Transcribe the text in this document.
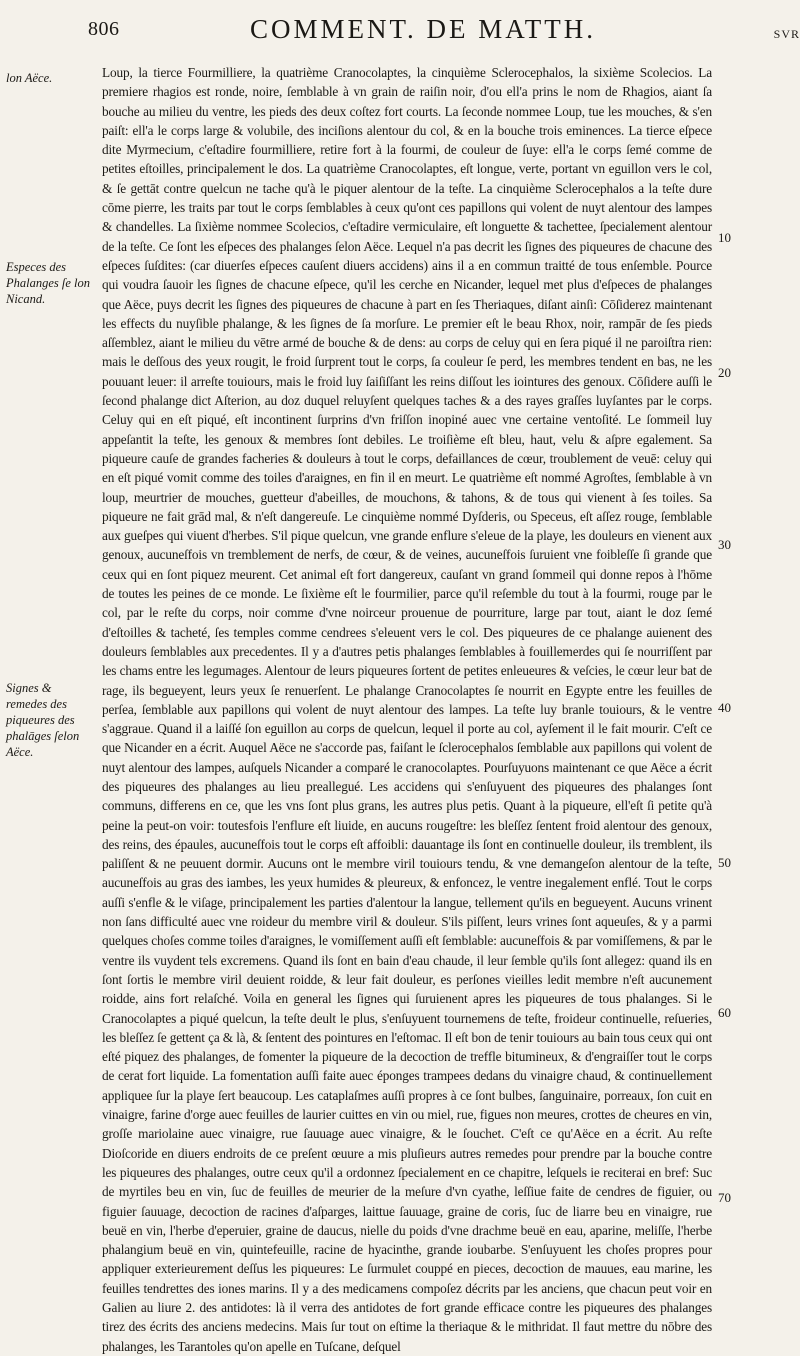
806	COMMENT. DE MATTH.	SVR
lon Aëce.
Especes des Phalanges ſe lon Nicand.
Signes & remedes des piqueures des phalāges ſelon Aëce.

Loup, la tierce Fourmilliere, la quatrième Cranocolaptes, la cinquième Sclerocephalos, la sixième Scolecios. La premiere rhagios est ronde, noire, ſemblable à vn grain de raiſin noir, d'ou ell'a prins le nom de Rhagios, aiant ſa bouche au milieu du ventre, les pieds des deux coſtez fort courts. La ſeconde nommee Loup, tue les mouches, & s'en paiſt: ell'a le corps large & volubile, des inciſions alentour du col, & en la bouche trois eminences. La tierce eſpece dite Myrmecium, c'eſtadire fourmilliere, retire fort à la fourmi, de couleur de ſuye: ell'a le corps ſemé comme de petites eſtoilles, principalement le dos. La quatrième Cranocolaptes, eſt longue, verte, portant vn eguillon vers le col, & ſe gettāt contre quelcun ne tache qu'à le piquer alentour de la teſte. La cinquième Sclerocephalos a la teſte dure cōme pierre, les traits par tout le corps ſemblables à ceux qu'ont ces papillons qui volent de nuyt alentour des lampes & chandelles. La ſixième nommee Scolecios, c'eſtadire vermiculaire, eſt longuette & tachettee, ſpecialement alentour de la teſte. Ce ſont les eſpeces des phalanges ſelon Aëce. Lequel n'a pas decrit les ſignes des piqueures de chacune des eſpeces ſuſdites: (car diuerſes eſpeces cauſent diuers accidens) ains il a en commun traitté de tous enſemble. Pource qui voudra ſauoir les ſignes de chacune eſpece, qu'il les cerche en Nicander, lequel met plus d'eſpeces de phalanges que Aëce, puys decrit les ſignes des piqueures de chacune à part en ſes Theriaques, diſant ainſi: Cōſiderez maintenant les effects du nuyſible phalange, & les ſignes de ſa morſure. Le premier eſt le beau Rhox, noir, rampār de ſes pieds aſſemblez, aiant le milieu du vētre armé de bouche & de dens: au corps de celuy qui en ſera piqué il ne paroiſtra rien: mais le deſſous des yeux rougit, le froid ſurprent tout le corps, ſa couleur ſe perd, les membres tendent en bas, ne les pouuant leuer: il arreſte touiours, mais le froid luy ſaiſiſſant les reins diſſout les iointures des genoux. Cōſidere auſſi le ſecond phalange dict Aſterion, au doz duquel reluyſent quelques taches & a des rayes graſſes luyſantes par le corps. Celuy qui en eſt piqué, eſt incontinent ſurprins d'vn friſſon inopiné auec vne certaine ventoſité. Le ſommeil luy appeſantit la teſte, les genoux & membres ſont debiles. Le troiſième eſt bleu, haut, velu & aſpre egalement. Sa piqueure cauſe de grandes facheries & douleurs à tout le corps, defaillances de cœur, troublement de veuē: celuy qui en eſt piqué vomit comme des toiles d'araignes, en fin il en meurt. Le quatrième eſt nommé Agroſtes, ſemblable à vn loup, meurtrier de mouches, guetteur d'abeilles, de mouchons, & tahons, & de tous qui vienent à ſes toiles. Sa piqueure ne fait grād mal, & n'eſt dangereuſe. Le cinquième nommé Dyſderis, ou Speceus, eſt aſſez rouge, ſemblable aux gueſpes qui viuent d'herbes. S'il pique quelcun, vne grande enflure s'eleue de la playe, les douleurs en vienent aux genoux, aucuneſfois vn tremblement de nerfs, de cœur, & de veines, aucuneſfois ſuruient vne foibleſſe ſi grande que ceux qui en ſont piquez meurent. Cet animal eſt fort dangereux, cauſant vn grand ſommeil qui donne repos à l'hōme de toutes les peines de ce monde. Le ſixième eſt le fourmilier, parce qu'il reſemble du tout à la fourmi, rouge par le col, par le reſte du corps, noir comme d'vne noirceur prouenue de pourriture, large par tout, aiant le doz ſemé d'eſtoilles & tacheté, ſes temples comme cendrees s'eleuent vers le col. Des piqueures de ce phalange auienent des douleurs ſemblables aux precedentes. Il y a d'autres petis phalanges ſemblables à fouillemerdes qui ſe nourriſſent par les chams entre les legumages. Alentour de leurs piqueures ſortent de petites enleueures & veſcies, le cœur leur bat de rage, ils begueyent, leurs yeux ſe renuerſent. Le phalange Cranocolaptes ſe nourrit en Egypte entre les feuilles de perſea, ſemblable aux papillons qui volent de nuyt alentour des lampes. La teſte luy branle touiours, & le ventre s'aggraue. Quand il a laiſſé ſon eguillon au corps de quelcun, lequel il porte au col, ayſement il le fait mourir. C'eſt ce que Nicander en a écrit. Auquel Aëce ne s'accorde pas, faiſant le ſclerocephalos ſemblable aux papillons qui volent de nuyt alentour des lampes, auſquels Nicander a comparé le cranocolaptes. Pourſuyuons maintenant ce que Aëce a écrit des piqueures des phalanges au lieu preallegué. Les accidens qui s'enſuyuent des piqueures des phalanges ſont communs, differens en ce, que les vns ſont plus grans, les autres plus petis. Quant à la piqueure, ell'eſt ſi petite qu'à peine la peut-on voir: toutesfois l'enflure eſt liuide, en aucuns rougeſtre: les bleſſez ſentent froid alentour des genoux, des reins, des épaules, aucuneſfois tout le corps eſt affoibli: dauantage ils ſont en continuelle douleur, ils tremblent, ils paliſſent & ne peuuent dormir. Aucuns ont le membre viril touiours tendu, & vne demangeſon alentour de la teſte, aucuneſfois au gras des iambes, les yeux humides & pleureux, & enfoncez, le ventre inegalement enflé. Tout le corps auſſi s'enfle & le viſage, principalement les parties d'alentour la langue, tellement qu'ils en begueyent. Aucuns vrinent non ſans difficulté auec vne roideur du membre viril & douleur. S'ils piſſent, leurs vrines ſont aqueuſes, & y a parmi quelques choſes comme toiles d'araignes, le vomiſſement auſſi eſt ſemblable: aucuneſfois & par vomiſſemens, & par le ventre ils vuydent tels excremens. Quand ils ſont en bain d'eau chaude, il leur ſemble qu'ils ſont allegez: quand ils en ſont ſortis le membre viril deuient roidde, & leur fait douleur, es perſones vieilles ledit membre n'eſt aucunement roidde, ains fort relaſché. Voila en general les ſignes qui ſuruienent apres les piqueures de tous phalanges. Si le Cranocolaptes a piqué quelcun, la teſte deult le plus, s'enſuyuent tournemens de teſte, froideur continuelle, reſueries, les bleſſez ſe gettent ça & là, & ſentent des pointures en l'eſtomac. Il eſt bon de tenir touiours au bain tous ceux qui ont eſté piquez des phalanges, de fomenter la piqueure de la decoction de treffle bitumineux, & d'engraiſſer tout le corps de cerat fort liquide. La fomentation auſſi faite auec éponges trampees dedans du vinaigre chaud, & continuellement appliquee ſur la playe ſert beaucoup. Les cataplaſmes auſſi propres à ce ſont bulbes, ſanguinaire, porreaux, ſon cuit en vinaigre, farine d'orge auec feuilles de laurier cuittes en vin ou miel, rue, figues non meures, crottes de cheures en vin, groſſe mariolaine auec vinaigre, rue ſauuage auec vinaigre, & le ſouchet. C'eſt ce qu'Aëce en a écrit. Au reſte Dioſcoride en diuers endroits de ce preſent œuure a mis pluſieurs autres remedes pour prendre par la bouche contre les piqueures des phalanges, outre ceux qu'il a ordonnez ſpecialement en ce chapitre, leſquels ie reciterai en bref: Suc de myrtiles beu en vin, ſuc de feuilles de meurier de la meſure d'vn cyathe, leſſiue faite de cendres de figuier, ou figuier ſauuage, decoction de racines d'aſparges, laittue ſauuage, graine de coris, ſuc de liarre beu en vinaigre, rue beuë en vin, l'herbe d'eperuier, graine de daucus, nielle du poids d'vne drachme beuë en eau, aparine, meliſſe, l'herbe phalangium beuë en vin, quintefeuille, racine de hyacinthe, grande ioubarbe. S'enſuyuent les choſes propres pour appliquer exterieurement deſſus les piqueures: Le ſurmulet couppé en pieces, decoction de mauues, eau marine, les feuilles tendrettes des iones marins. Il y a des medicamens compoſez décrits par les anciens, que chacun peut voir en Galien au liure 2. des antidotes: là il verra des antidotes de fort grande efficace contre les piqueures des phalanges tirez des écrits des anciens medecins. Mais ſur tout on eſtime la theriaque & le mithridat. Il faut mettre du nōbre des phalanges, les Tarantoles qu'on apelle en Tuſcane, deſquel

10
20
30
40
50
60
70
